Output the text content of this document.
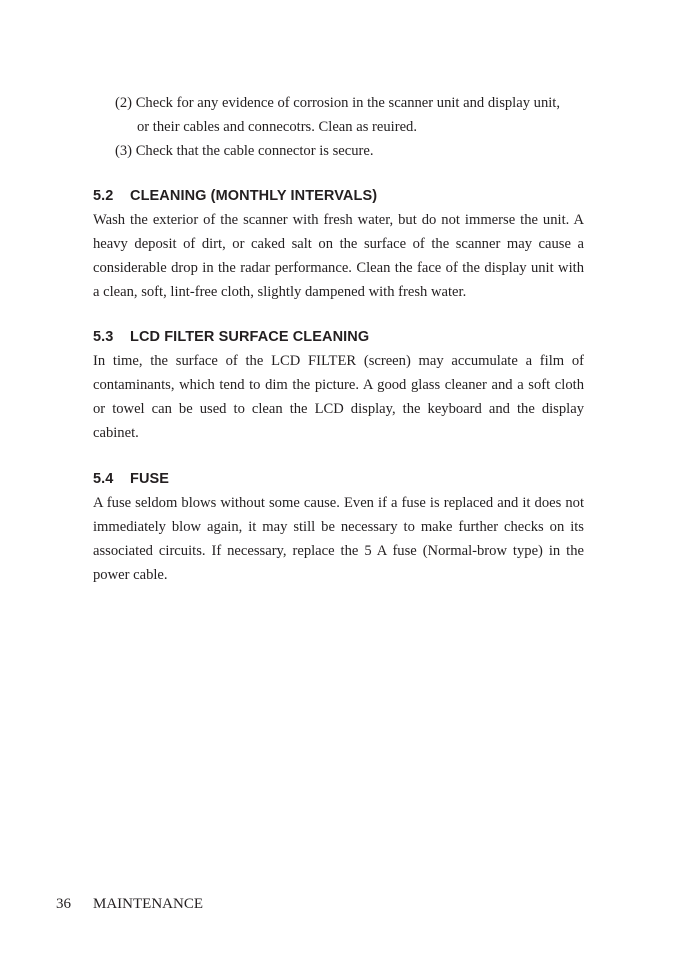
(2) Check for any evidence of corrosion in the scanner unit and display unit,
or their cables and connecotrs. Clean as reuired.

(3) Check that the cable connector is secure.

5.2 CLEANING (MONTHLY INTERVALS)

Wash the exterior of the scanner with fresh water, but do not immerse the unit. A heavy deposit of dirt, or caked salt on the surface of the scanner may cause a considerable drop in the radar performance. Clean the face of the display unit with a clean, soft, lint-free cloth, slightly dampened with fresh water.

5.3 LCD FILTER SURFACE CLEANING

In time, the surface of the LCD FILTER (screen) may accumulate a film of contaminants, which tend to dim the picture. A good glass cleaner and a soft cloth or towel can be used to clean the LCD display, the keyboard and the display cabinet.

5.4 FUSE

A fuse seldom blows without some cause. Even if a fuse is replaced and it does not immediately blow again, it may still be necessary to make further checks on its associated circuits. If necessary, replace the 5 A fuse (Normal-brow type) in the power cable.

36 MAINTENANCE
